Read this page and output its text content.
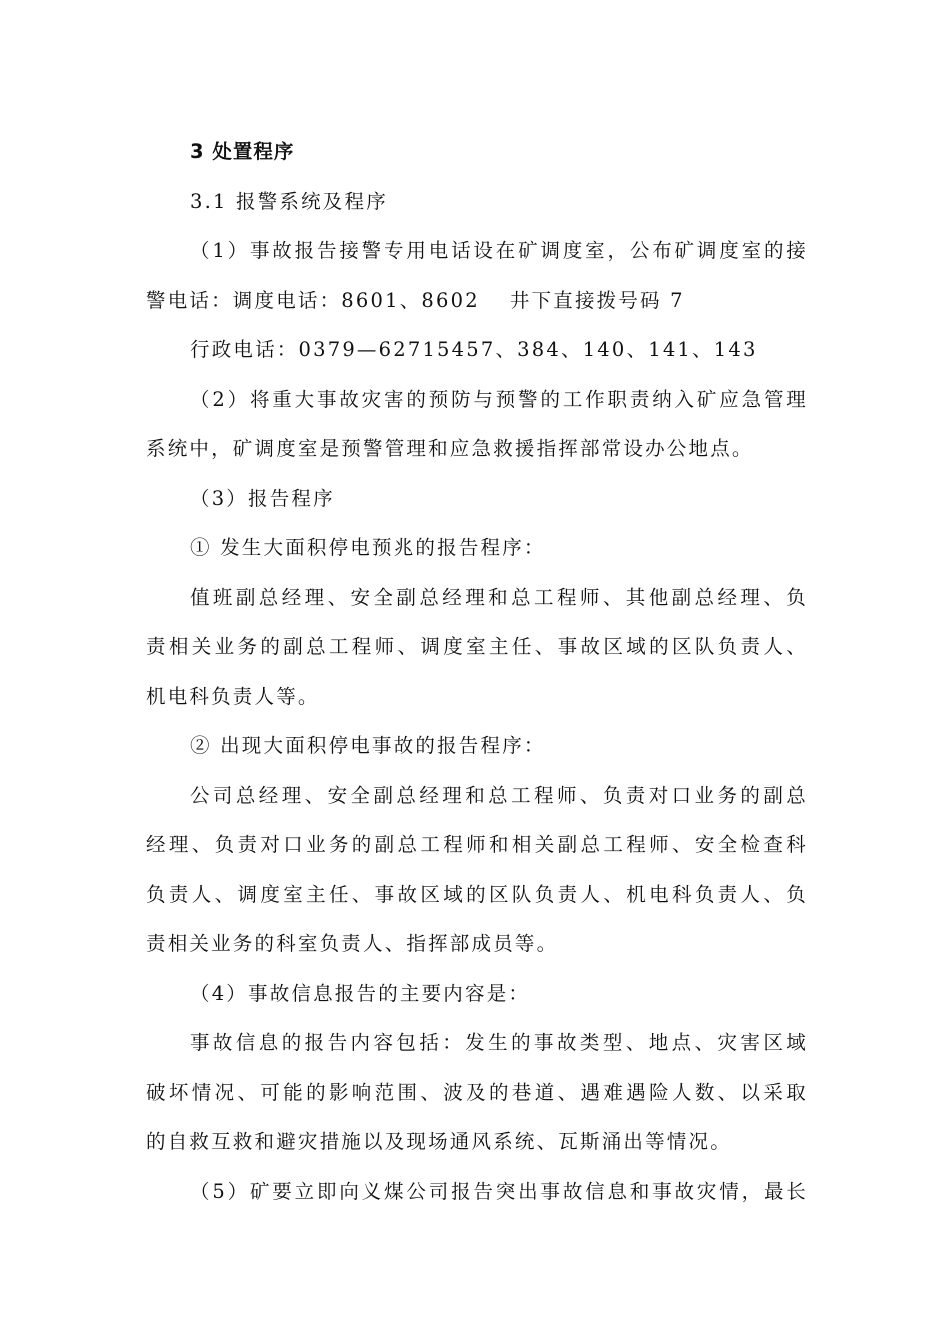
3 处置程序
3.1 报警系统及程序
（1）事故报告接警专用电话设在矿调度室，公布矿调度室的接
警电话：调度电话：8601、8602 井下直接拨号码 7
行政电话：0379—62715457、384、140、141、143
（2）将重大事故灾害的预防与预警的工作职责纳入矿应急管理
系统中，矿调度室是预警管理和应急救援指挥部常设办公地点。
（3）报告程序
① 发生大面积停电预兆的报告程序：
值班副总经理、安全副总经理和总工程师、其他副总经理、负
责相关业务的副总工程师、调度室主任、事故区域的区队负责人、
机电科负责人等。
② 出现大面积停电事故的报告程序：
公司总经理、安全副总经理和总工程师、负责对口业务的副总
经理、负责对口业务的副总工程师和相关副总工程师、安全检查科
负责人、调度室主任、事故区域的区队负责人、机电科负责人、负
责相关业务的科室负责人、指挥部成员等。
（4）事故信息报告的主要内容是：
事故信息的报告内容包括：发生的事故类型、地点、灾害区域
破坏情况、可能的影响范围、波及的巷道、遇难遇险人数、以采取
的自救互救和避灾措施以及现场通风系统、瓦斯涌出等情况。
（5）矿要立即向义煤公司报告突出事故信息和事故灾情，最长
